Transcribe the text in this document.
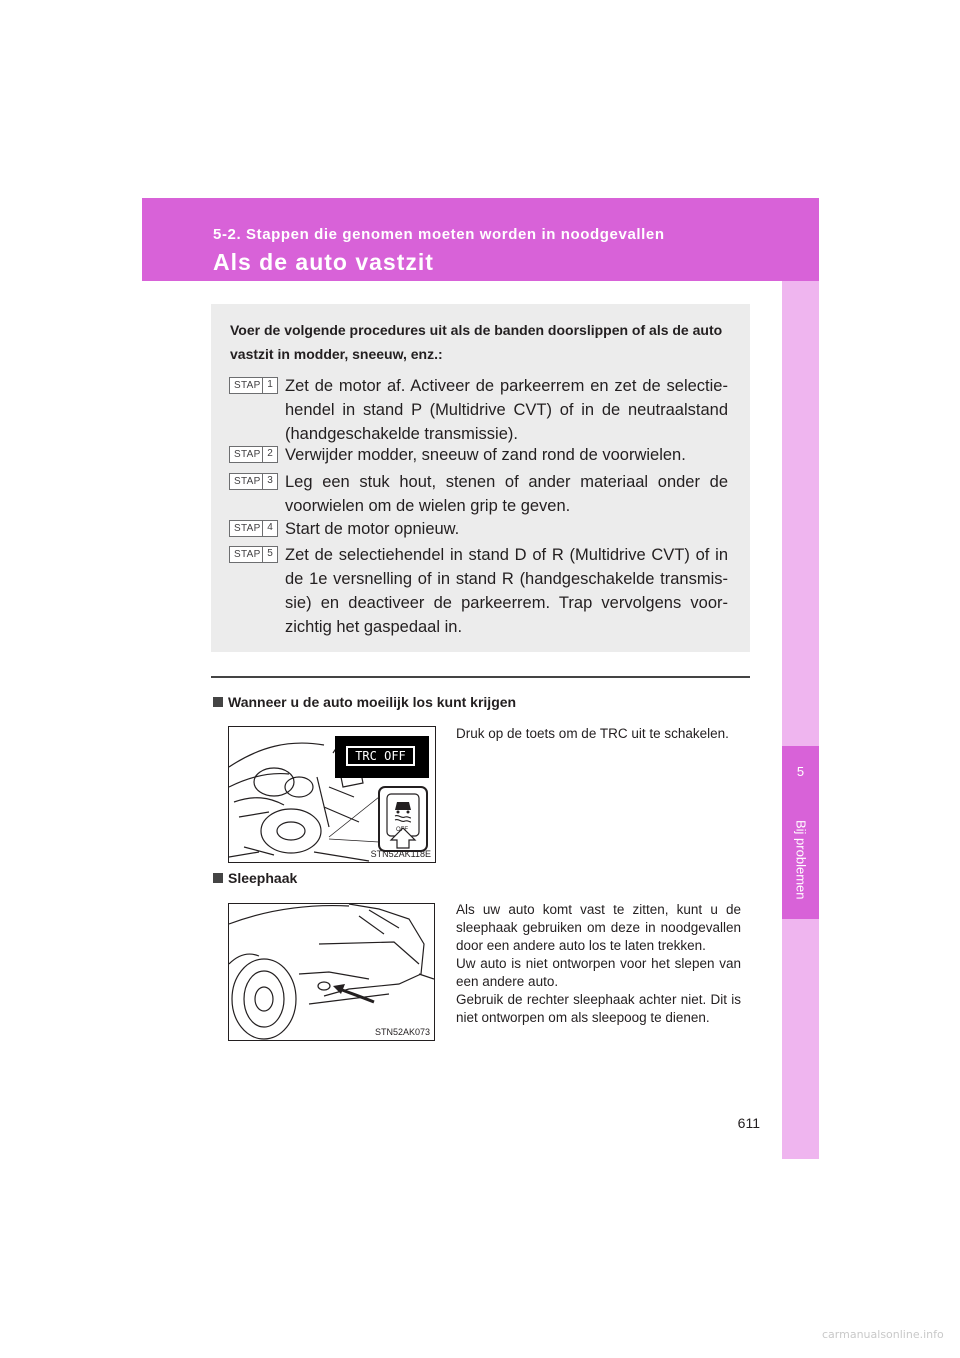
5-2. Stappen die genomen moeten worden in noodgevallen
Als de auto vastzit
5
Bij problemen
Voer de volgende procedures uit als de banden doorslippen of als de auto vastzit in modder, sneeuw, enz.:
STAP 1 Zet de motor af. Activeer de parkeerrem en zet de selectiehendel in stand P (Multidrive CVT) of in de neutraalstand (handgeschakelde transmissie).
STAP 2 Verwijder modder, sneeuw of zand rond de voorwielen.
STAP 3 Leg een stuk hout, stenen of ander materiaal onder de voorwielen om de wielen grip te geven.
STAP 4 Start de motor opnieuw.
STAP 5 Zet de selectiehendel in stand D of R (Multidrive CVT) of in de 1e versnelling of in stand R (handgeschakelde transmissie) en deactiveer de parkeerrem. Trap vervolgens voorzichtig het gaspedaal in.
Wanneer u de auto moeilijk los kunt krijgen
TRC OFF
OFF
STN52AK118E
Druk op de toets om de TRC uit te schakelen.
Sleephaak
STN52AK073
Als uw auto komt vast te zitten, kunt u de sleephaak gebruiken om deze in noodgevallen door een andere auto los te laten trekken.
Uw auto is niet ontworpen voor het slepen van een andere auto.
Gebruik de rechter sleephaak achter niet. Dit is niet ontworpen om als sleepoog te dienen.
611
carmanualsonline.info
